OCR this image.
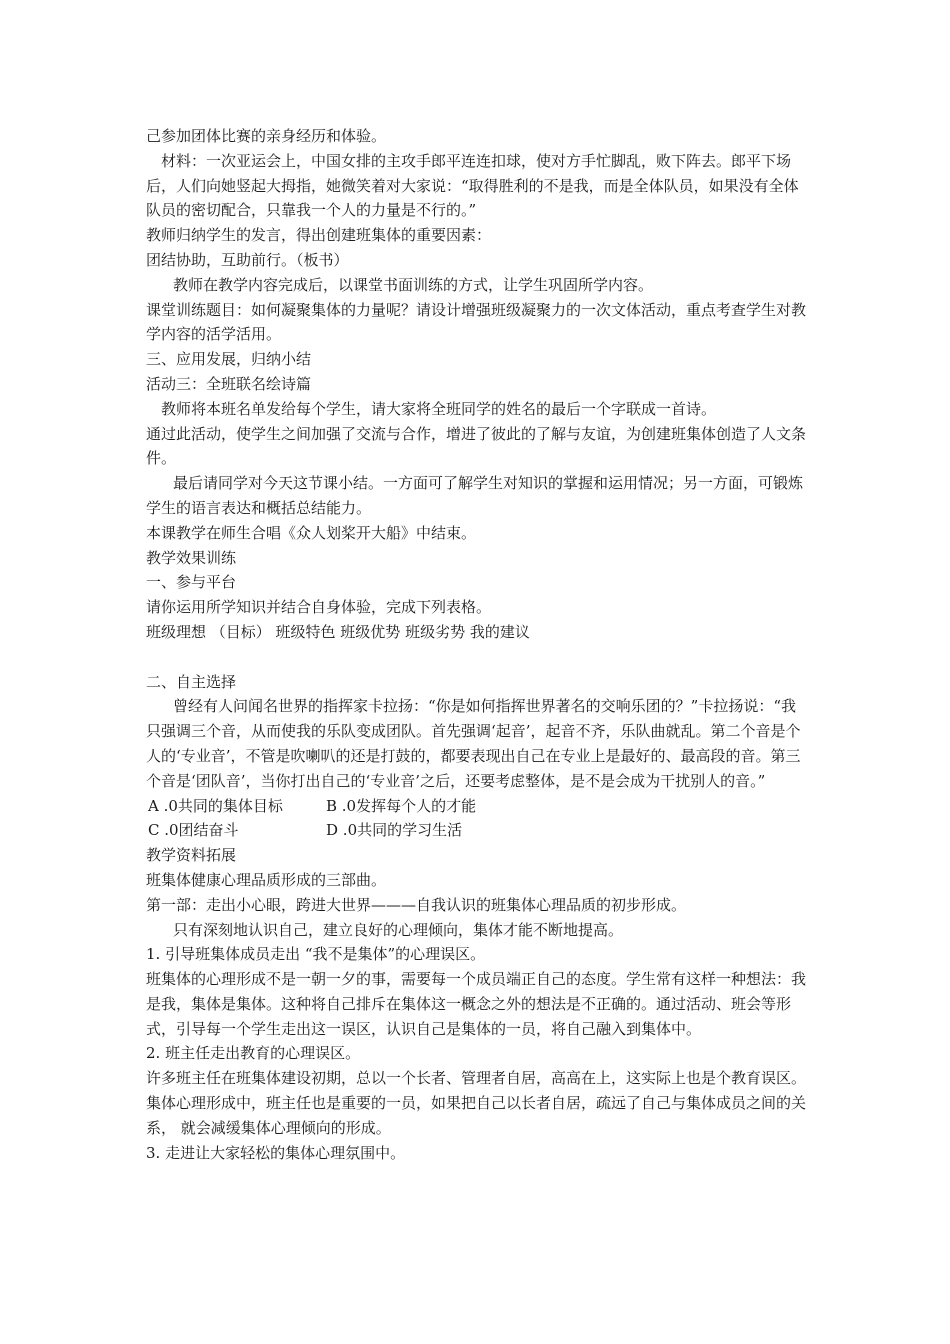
己参加团体比赛的亲身经历和体验。

材料：一次亚运会上，中国女排的主攻手郎平连连扣球，使对方手忙脚乱，败下阵去。郎平下场后，人们向她竖起大拇指，她微笑着对大家说：“取得胜利的不是我，而是全体队员，如果没有全体队员的密切配合，只靠我一个人的力量是不行的。”

教师归纳学生的发言，得出创建班集体的重要因素：

团结协助，互助前行。（板书）

教师在教学内容完成后，以课堂书面训练的方式，让学生巩固所学内容。

课堂训练题目：如何凝聚集体的力量呢？请设计增强班级凝聚力的一次文体活动，重点考查学生对教学内容的活学活用。

三、应用发展，归纳小结

活动三：全班联名绘诗篇

教师将本班名单发给每个学生，请大家将全班同学的姓名的最后一个字联成一首诗。

通过此活动，使学生之间加强了交流与合作，增进了彼此的了解与友谊，为创建班集体创造了人文条件。

最后请同学对今天这节课小结。一方面可了解学生对知识的掌握和运用情况；另一方面，可锻炼学生的语言表达和概括总结能力。

本课教学在师生合唱《众人划桨开大船》中结束。

教学效果训练

一、参与平台

请你运用所学知识并结合自身体验，完成下列表格。

班级理想 （目标） 班级特色 班级优势 班级劣势 我的建议

二、自主选择

曾经有人问闻名世界的指挥家卡拉扬：“你是如何指挥世界著名的交响乐团的？”卡拉扬说：“我只强调三个音，从而使我的乐队变成团队。首先强调‘起音’，起音不齐，乐队曲就乱。第二个音是个人的‘专业音’，不管是吹喇叭的还是打鼓的，都要表现出自己在专业上是最好的、最高段的音。第三个音是‘团队音’，当你打出自己的‘专业音’之后，还要考虑整体，是不是会成为干扰别人的音。”

A .0共同的集体目标	B .0发挥每个人的才能
C .0团结奋斗	D .0共同的学习生活

教学资料拓展

班集体健康心理品质形成的三部曲。

第一部：走出小心眼，跨进大世界———自我认识的班集体心理品质的初步形成。

只有深刻地认识自己，建立良好的心理倾向，集体才能不断地提高。

1. 引导班集体成员走出 “我不是集体”的心理误区。

班集体的心理形成不是一朝一夕的事，需要每一个成员端正自己的态度。学生常有这样一种想法：我是我，集体是集体。这种将自己排斥在集体这一概念之外的想法是不正确的。通过活动、班会等形式，引导每一个学生走出这一误区，认识自己是集体的一员，将自己融入到集体中。

2. 班主任走出教育的心理误区。

许多班主任在班集体建设初期，总以一个长者、管理者自居，高高在上，这实际上也是个教育误区。集体心理形成中，班主任也是重要的一员，如果把自己以长者自居，疏远了自己与集体成员之间的关系， 就会减缓集体心理倾向的形成。

3. 走进让大家轻松的集体心理氛围中。
